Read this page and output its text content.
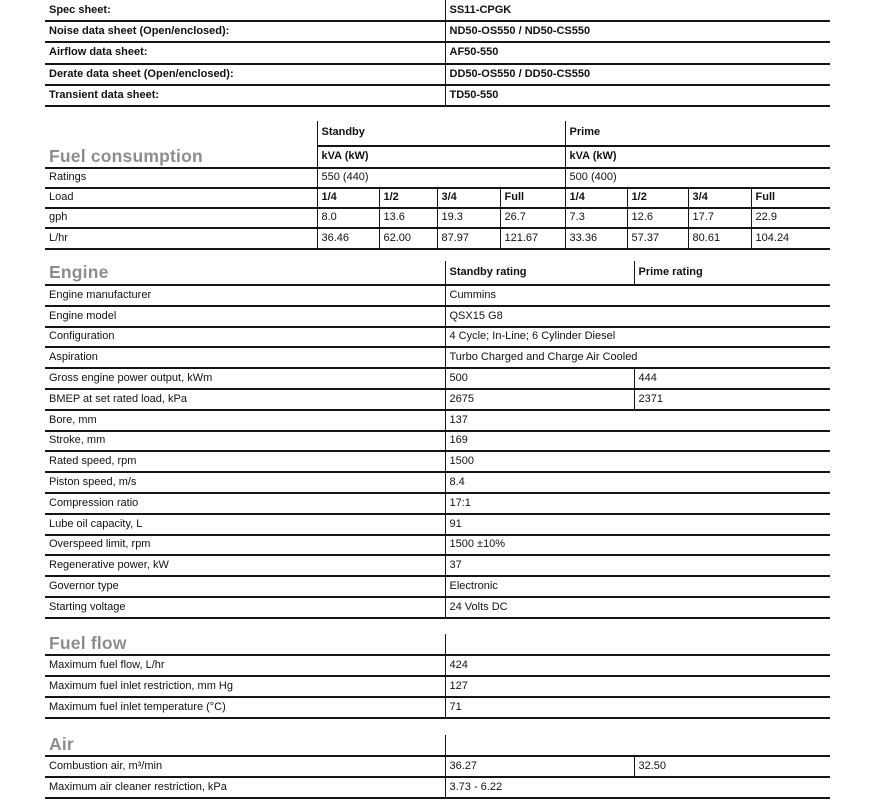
Spec sheet:	SS11-CPGK
Noise data sheet (Open/enclosed):	ND50-OS550 / ND50-CS550
Airflow data sheet:	AF50-550
Derate data sheet (Open/enclosed):	DD50-OS550 / DD50-CS550
Transient data sheet:	TD50-550
Fuel consumption	Standby				Prime			
	kVA (kW)				kVA (kW)			
Ratings	550 (440)				500 (400)			
Load	1/4	1/2	3/4	Full	1/4	1/2	3/4	Full
gph	8.0	13.6	19.3	26.7	7.3	12.6	17.7	22.9
L/hr	36.46	62.00	87.97	121.67	33.36	57.37	80.61	104.24
Engine	Standby rating	Prime rating
Engine manufacturer	Cummins	
Engine model	QSX15 G8	
Configuration	4 Cycle; In-Line; 6 Cylinder Diesel	
Aspiration	Turbo Charged and Charge Air Cooled	
Gross engine power output, kWm	500	444
BMEP at set rated load, kPa	2675	2371
Bore, mm	137	
Stroke, mm	169	
Rated speed, rpm	1500	
Piston speed, m/s	8.4	
Compression ratio	17:1	
Lube oil capacity, L	91	
Overspeed limit, rpm	1500 ±10%	
Regenerative power, kW	37	
Governor type	Electronic	
Starting voltage	24 Volts DC	
Fuel flow	
Maximum fuel flow, L/hr	424
Maximum fuel inlet restriction, mm Hg	127
Maximum fuel inlet temperature (°C)	71
Air		
Combustion air, m³/min	36.27	32.50
Maximum air cleaner restriction, kPa	3.73 - 6.22	
